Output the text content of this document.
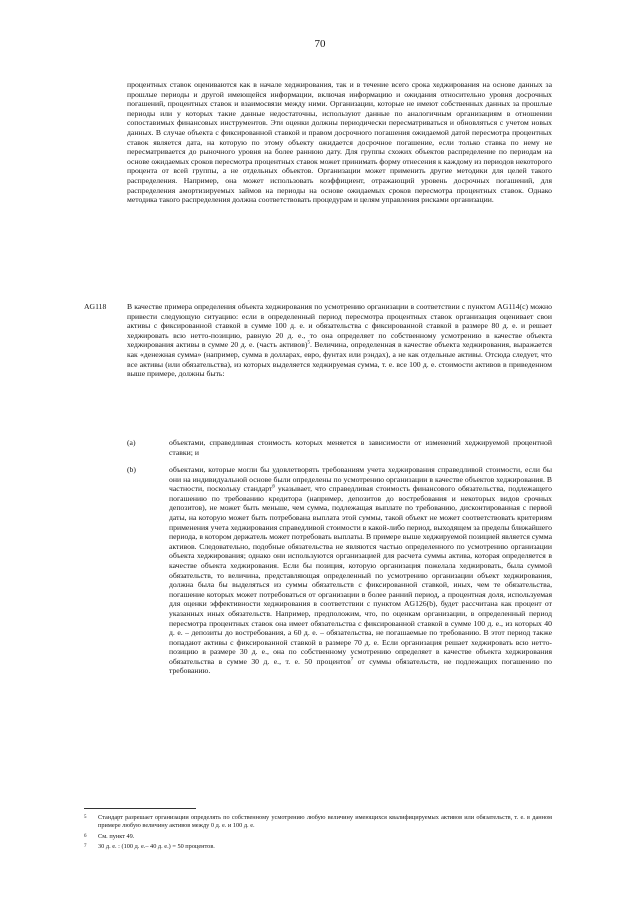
70

процентных ставок оцениваются как в начале хеджирования, так и в течение всего срока хеджирования на основе данных за прошлые периоды и другой имеющейся информации, включая информацию и ожидания относительно уровня досрочных погашений, процентных ставок и взаимосвязи между ними. Организации, которые не имеют собственных данных за прошлые периоды или у которых такие данные недостаточны, используют данные по аналогичным организациям в отношении сопоставимых финансовых инструментов. Эти оценки должны периодически пересматриваться и обновляться с учетом новых данных. В случае объекта с фиксированной ставкой и правом досрочного погашения ожидаемой датой пересмотра процентных ставок является дата, на которую по этому объекту ожидается досрочное погашение, если только ставка по нему не пересматривается до рыночного уровня на более раннюю дату. Для группы схожих объектов распределение по периодам на основе ожидаемых сроков пересмотра процентных ставок может принимать форму отнесения к каждому из периодов некоторого процента от всей группы, а не отдельных объектов. Организации может применить другие методики для целей такого распределения. Например, она может использовать коэффициент, отражающий уровень досрочных погашений, для распределения амортизируемых займов на периоды на основе ожидаемых сроков пересмотра процентных ставок. Однако методика такого распределения должна соответствовать процедурам и целям управления рисками организации.

AG118	В качестве примера определения объекта хеджирования по усмотрению организации в соответствии с пунктом AG114(c) можно привести следующую ситуацию: если в определенный период пересмотра процентных ставок организация оценивает свои активы с фиксированной ставкой в сумме 100 д. е. и обязательства с фиксированной ставкой в размере 80 д. е. и решает хеджировать всю нетто-позицию, равную 20 д. е., то она определяет по собственному усмотрению в качестве объекта хеджирования активы в сумме 20 д. е. (часть активов)$^5$. Величина, определенная в качестве объекта хеджирования, выражается как «денежная сумма» (например, сумма в долларах, евро, фунтах или рэндах), а не как отдельные активы. Отсюда следует, что все активы (или обязательства), из которых выделяется хеджируемая сумма, т. е. все 100 д. е. стоимости активов в приведенном выше примере, должны быть:
(a)	объектами, справедливая стоимость которых меняется в зависимости от изменений хеджируемой процентной ставки; и
(b)	объектами, которые могли бы удовлетворять требованиям учета хеджирования справедливой стоимости, если бы они на индивидуальной основе были определены по усмотрению организации в качестве объектов хеджирования. В частности, поскольку стандарт$^6$ указывает, что справедливая стоимость финансового обязательства, подлежащего погашению по требованию кредитора (например, депозитов до востребования и некоторых видов срочных депозитов), не может быть меньше, чем сумма, подлежащая выплате по требованию, дисконтированная с первой даты, на которую может быть потребована выплата этой суммы, такой объект не может соответствовать критериям применения учета хеджирования справедливой стоимости в какой-либо период, выходящем за пределы ближайшего периода, в котором держатель может потребовать выплаты. В примере выше хеджируемой позицией является сумма активов. Следовательно, подобные обязательства не являются частью определенного по усмотрению организации объекта хеджирования; однако они используются организацией для расчета суммы актива, которая определяется в качестве объекта хеджирования. Если бы позиция, которую организация пожелала хеджировать, была суммой обязательств, то величина, представляющая определенный по усмотрению организации объект хеджирования, должна была бы выделяться из суммы обязательств с фиксированной ставкой, иных, чем те обязательства, погашение которых может потребоваться от организации в более ранний период, а процентная доля, используемая для оценки эффективности хеджирования в соответствии с пунктом AG126(b), будет рассчитана как процент от указанных иных обязательств. Например, предположим, что, по оценкам организации, в определенный период пересмотра процентных ставок она имеет обязательства с фиксированной ставкой в сумме 100 д. е., из которых 40 д. е. – депозиты до востребования, а 60 д. е. – обязательства, не погашаемые по требованию. В этот период также попадают активы с фиксированной ставкой в размере 70 д. е. Если организация решает хеджировать всю нетто-позицию в размере 30 д. е., она по собственному усмотрению определяет в качестве объекта хеджирования обязательства в сумме 30 д. е., т. е. 50 процентов$^7$ от суммы обязательств, не подлежащих погашению по требованию.
5 Стандарт разрешает организации определять по собственному усмотрению любую величину имеющихся квалифицируемых активов или обязательств, т. е. в данном примере любую величину активов между 0 д. е. и 100 д. е.
6 См. пункт 49.
7 30 д. е. : (100 д. е.– 40 д. е.) = 50 процентов.
